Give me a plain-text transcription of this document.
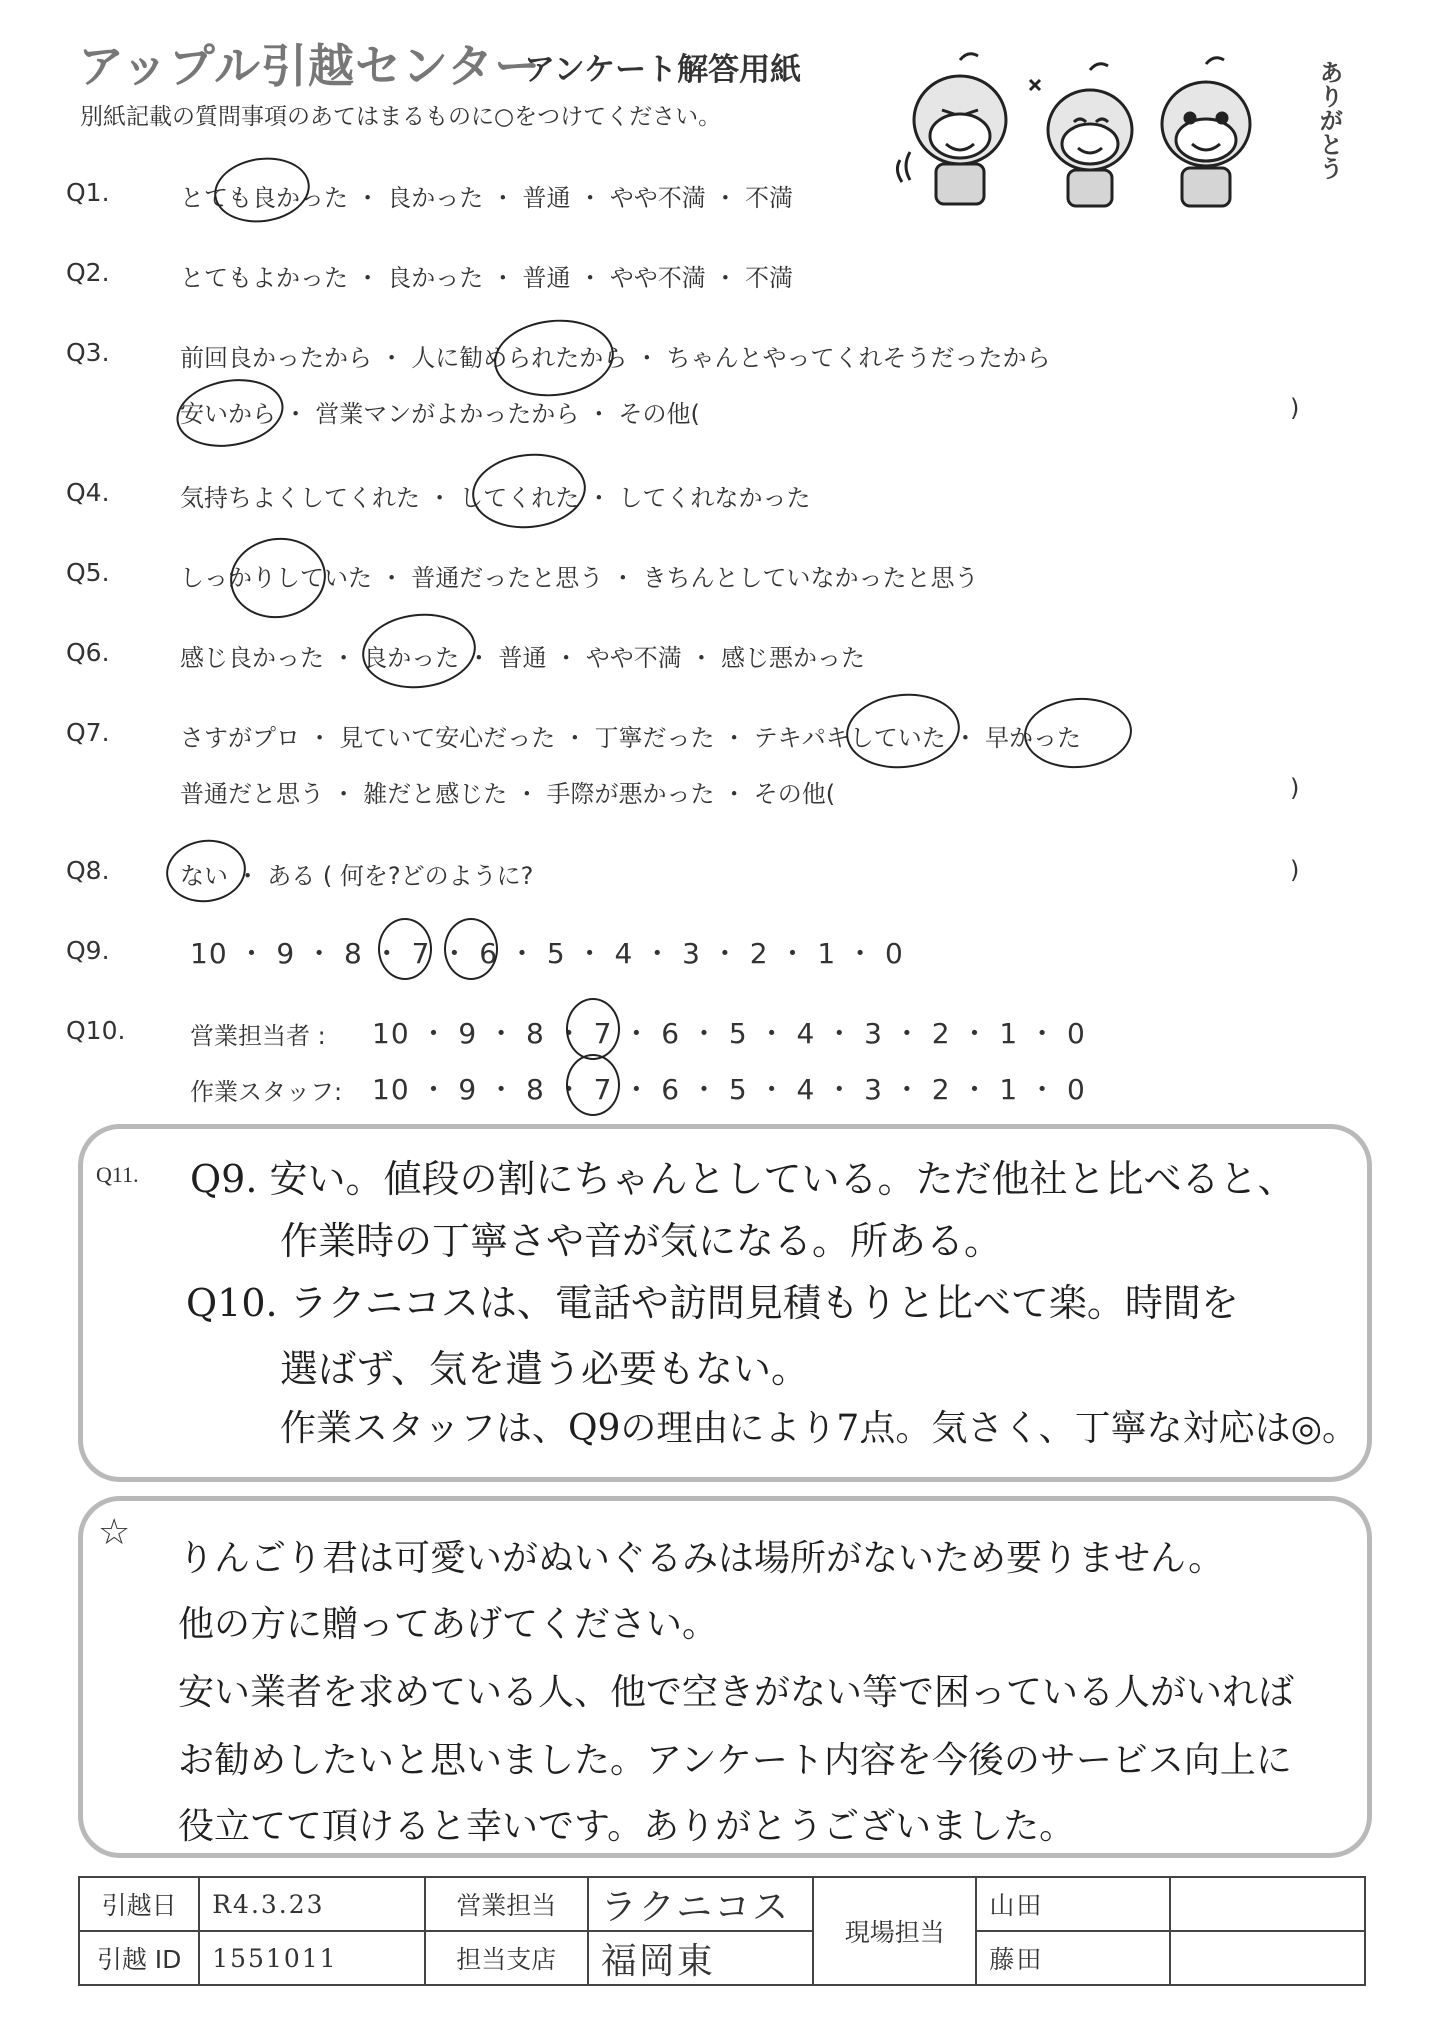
アップル引越センター
アンケート解答用紙
別紙記載の質問事項のあてはまるものに○をつけてください。	ありがとう
Q1.	とても良かった ・ 良かった ・ 普通 ・ やや不満 ・ 不満
Q2.	とてもよかった ・ 良かった ・ 普通 ・ やや不満 ・ 不満
Q3.	前回良かったから ・ 人に勧められたから ・ ちゃんとやってくれそうだったから
安いから ・ 営業マンがよかったから ・ その他(	)
Q4.	気持ちよくしてくれた ・ してくれた ・ してくれなかった
Q5.	しっかりしていた ・ 普通だったと思う ・ きちんとしていなかったと思う
Q6.	感じ良かった ・ 良かった ・ 普通 ・ やや不満 ・ 感じ悪かった
Q7.	さすがプロ ・ 見ていて安心だった ・ 丁寧だった ・ テキパキしていた ・ 早かった
普通だと思う ・ 雑だと感じた ・ 手際が悪かった ・ その他(	)
Q8.	ない ・ ある ( 何を?どのように?	)
Q9.	10 ・ 9 ・ 8 ・ 7 ・ 6 ・ 5 ・ 4 ・ 3 ・ 2 ・ 1 ・ 0
Q10.	営業担当者 : 10 ・ 9 ・ 8 ・ 7 ・ 6 ・ 5 ・ 4 ・ 3 ・ 2 ・ 1 ・ 0
作業スタッフ: 10 ・ 9 ・ 8 ・ 7 ・ 6 ・ 5 ・ 4 ・ 3 ・ 2 ・ 1 ・ 0
Q11. Q9. 安い。値段の割にちゃんとしている。ただ他社と比べると、
作業時の丁寧さや音が気になる。所ある。
Q10. ラクニコスは、電話や訪問見積もりと比べて楽。時間を
選ばず、気を遣う必要もない。
作業スタッフは、Q9の理由により7点。気さく、丁寧な対応は◎。
☆
りんごり君は可愛いがぬいぐるみは場所がないため要りません。
他の方に贈ってあげてください。
安い業者を求めている人、他で空きがない等で困っている人がいれば
お勧めしたいと思いました。アンケート内容を今後のサービス向上に
役立てて頂けると幸いです。ありがとうございました。
引越日	R4.3.23	営業担当	ラクニコス	現場担当	山田	
引越 ID	1551011	担当支店	福岡東		藤田	
